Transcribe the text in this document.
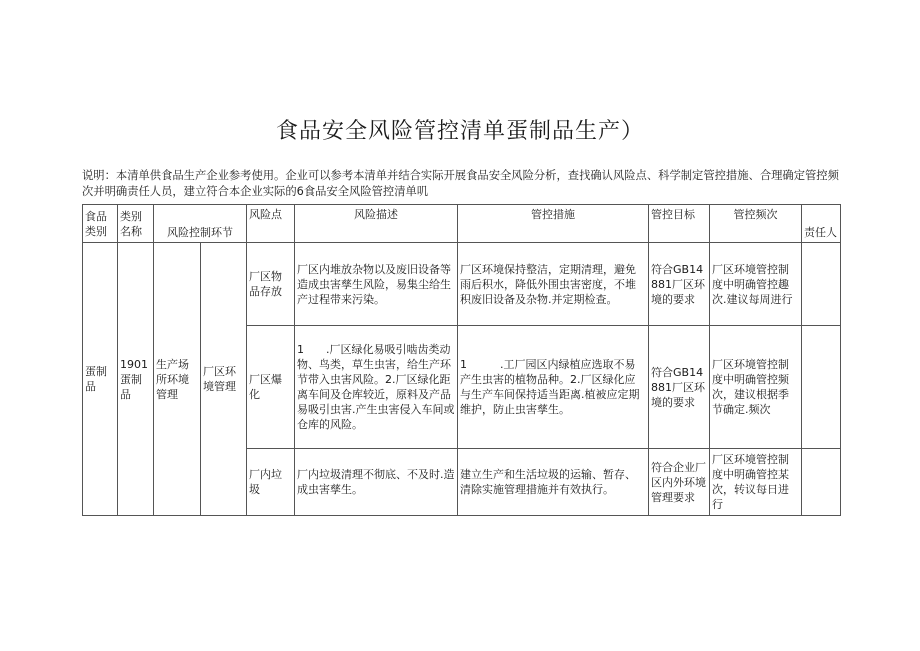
食品安全风险管控清单蛋制品生产）
说明：本清单供食品生产企业参考使用。企业可以参考本清单并结合实际开展食品安全风险分析，查找确认风险点、科学制定管控措施、合理确定管控频次并明确责任人员，建立符合本企业实际的6食品安全风险管控清单叽
食品类别	类别名称	风险控制环节		风险点	风险描述	管控措施	管控目标	管控频次	责任人
蛋制品	1901蛋制品	生产场所环境管理	厂区环境管理	厂区物品存放	厂区内堆放杂物以及废旧设备等造成虫害孳生风险，易集尘给生产过程带来污染。	厂区环境保持整洁，定期清理，避免雨后积水，降低外围虫害密度，不堆积废旧设备及杂物.并定期检查。	符合GB14881厂区环境的要求	厂区环境管控制度中明确管控趣次.建议每周进行	
				厂区爆化	1　　.厂区绿化易吸引啮齿类动物、鸟类，草生虫害，给生产环节带入虫害风险。2.厂区绿化距离车间及仓库较近，原料及产品易吸引虫害.产生虫害侵入车间或仓库的风险。	1　　　.工厂园区内绿植应选取不易产生虫害的植物品种。2.厂区绿化应与生产车间保持适当距离.植被应定期维护，防止虫害孳生。	符合GB14881厂区环境的要求	厂区环境管控制度中明确管控频次，建议根据季节确定.频次	
				厂内垃圾	厂内垃圾清理不彻底、不及时.造成虫害孳生。	建立生产和生活垃圾的运输、暂存、清除实施管理措施并有效执行。	符合企业厂区内外环境管理要求	厂区环境管控制度中明确管控某次，转议每日进行	
